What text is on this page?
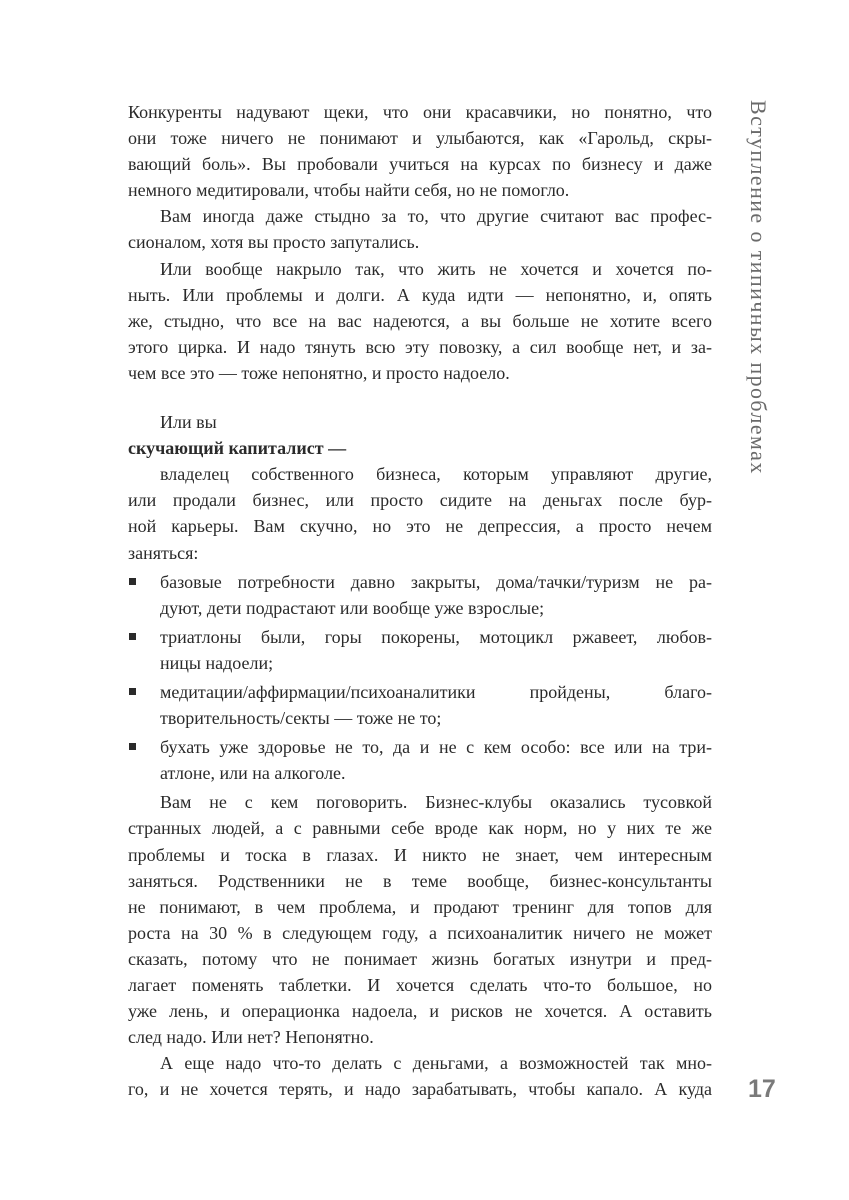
Вступление о типичных проблемах
17
Конкуренты надувают щеки, что они красавчики, но понятно, что
они тоже ничего не понимают и улыбаются, как «Гарольд, скры-
вающий боль». Вы пробовали учиться на курсах по бизнесу и даже
немного медитировали, чтобы найти себя, но не помогло.
Вам иногда даже стыдно за то, что другие считают вас профес-
сионалом, хотя вы просто запутались.
Или вообще накрыло так, что жить не хочется и хочется по-
ныть. Или проблемы и долги. А куда идти — непонятно, и, опять
же, стыдно, что все на вас надеются, а вы больше не хотите всего
этого цирка. И надо тянуть всю эту повозку, а сил вообще нет, и за-
чем все это — тоже непонятно, и просто надоело.
Или вы
скучающий капиталист —
владелец собственного бизнеса, которым управляют другие,
или продали бизнес, или просто сидите на деньгах после бур-
ной карьеры. Вам скучно, но это не депрессия, а просто нечем
заняться:
базовые потребности давно закрыты, дома/тачки/туризм не ра-
дуют, дети подрастают или вообще уже взрослые;
триатлоны были, горы покорены, мотоцикл ржавеет, любов-
ницы надоели;
медитации/аффирмации/психоаналитики пройдены, благо-
творительность/секты — тоже не то;
бухать уже здоровье не то, да и не с кем особо: все или на три-
атлоне, или на алкоголе.
Вам не с кем поговорить. Бизнес-клубы оказались тусовкой
странных людей, а с равными себе вроде как норм, но у них те же
проблемы и тоска в глазах. И никто не знает, чем интересным
заняться. Родственники не в теме вообще, бизнес-консультанты
не понимают, в чем проблема, и продают тренинг для топов для
роста на 30 % в следующем году, а психоаналитик ничего не может
сказать, потому что не понимает жизнь богатых изнутри и пред-
лагает поменять таблетки. И хочется сделать что-то большое, но
уже лень, и операционка надоела, и рисков не хочется. А оставить
след надо. Или нет? Непонятно.
А еще надо что-то делать с деньгами, а возможностей так мно-
го, и не хочется терять, и надо зарабатывать, чтобы капало. А куда
